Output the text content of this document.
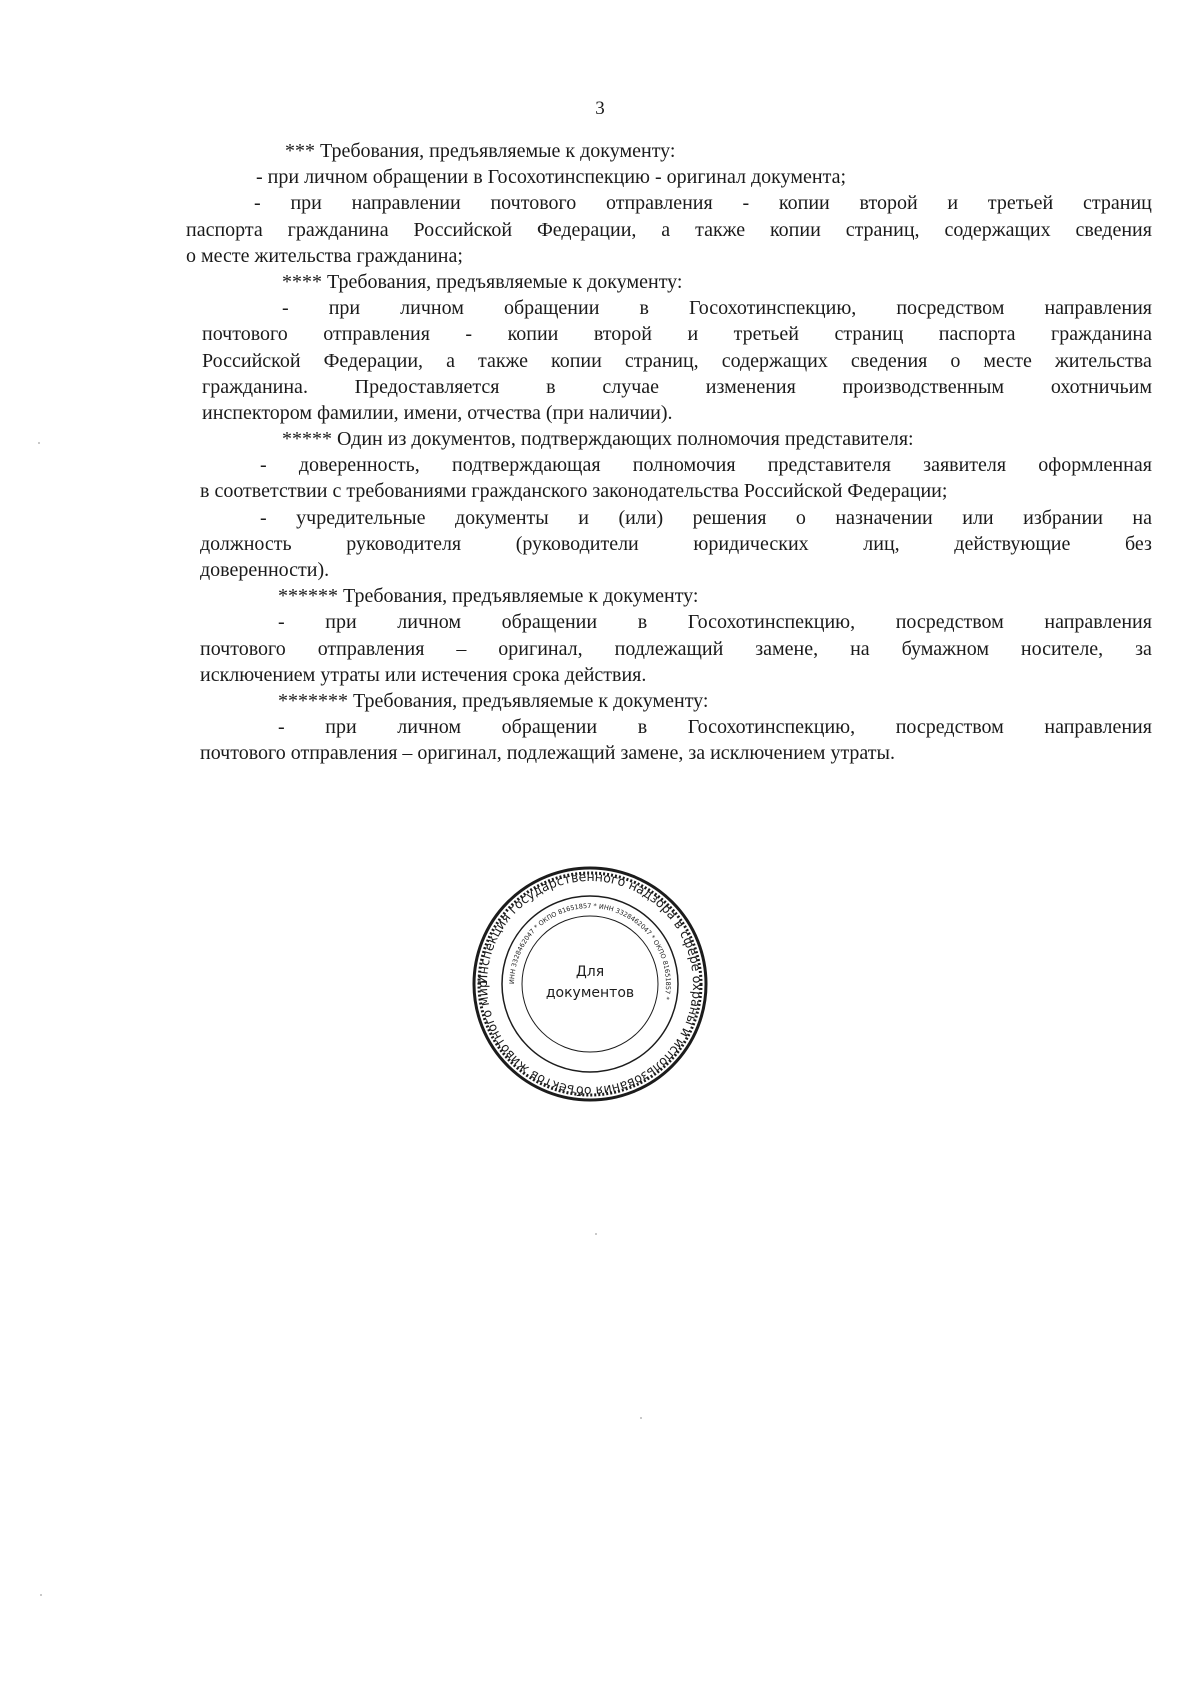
3
*** Требования, предъявляемые к документу:
- при личном обращении в Госохотинспекцию - оригинал документа;
- при направлении почтового отправления - копии второй и третьей страниц
паспорта гражданина Российской Федерации, а также копии страниц, содержащих сведения
о месте жительства гражданина;
**** Требования, предъявляемые к документу:
- при личном обращении в Госохотинспекцию, посредством направления
почтового отправления - копии второй и третьей страниц паспорта гражданина
Российской Федерации, а также копии страниц, содержащих сведения о месте жительства
гражданина. Предоставляется в случае изменения производственным охотничьим
инспектором фамилии, имени, отчества (при наличии).
***** Один из документов, подтверждающих полномочия представителя:
- доверенность, подтверждающая полномочия представителя заявителя оформленная
в соответствии с требованиями гражданского законодательства Российской Федерации;
- учредительные документы и (или) решения о назначении или избрании на
должность	руководителя	(руководители	юридических	лиц,	действующие	без
доверенности).
****** Требования, предъявляемые к документу:
- при личном обращении в Госохотинспекцию, посредством направления
почтового отправления – оригинал, подлежащий замене, на бумажном носителе, за
исключением утраты или истечения срока действия.
******* Требования, предъявляемые к документу:
- при личном обращении в Госохотинспекцию, посредством направления
почтового отправления – оригинал, подлежащий замене, за исключением утраты.
Инспекция государственного надзора в сфере охраны и использования объектов животного мир	ИНН 3328462047 * ОКПО 81651857 * ИНН 3328462047 * ОКПО 81651857 *
Для
документов
